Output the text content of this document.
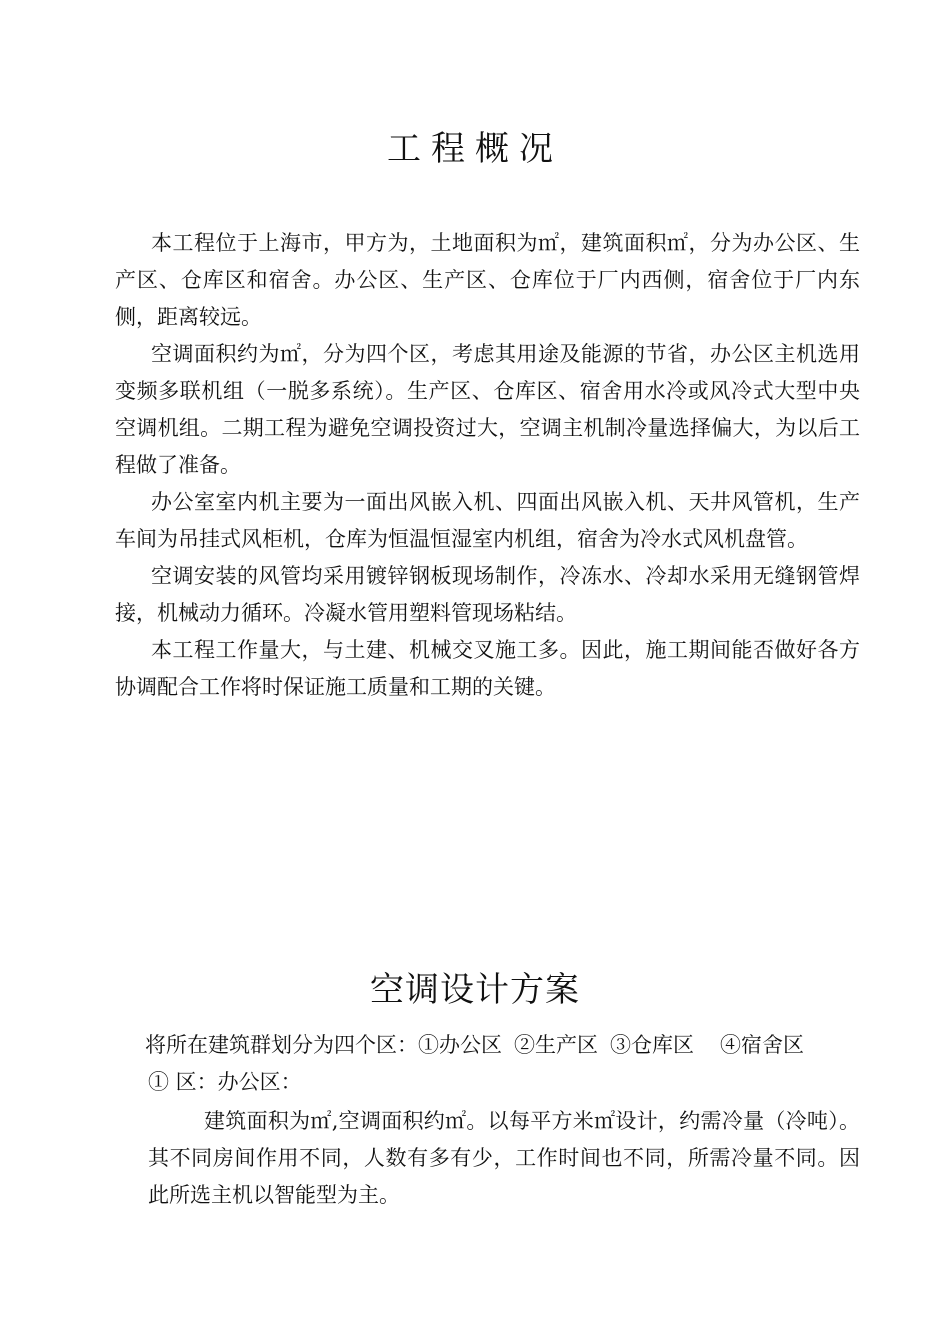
工程概况

本工程位于上海市，甲方为，土地面积为㎡，建筑面积㎡，分为办公区、生产区、仓库区和宿舍。办公区、生产区、仓库位于厂内西侧，宿舍位于厂内东侧，距离较远。

空调面积约为㎡，分为四个区，考虑其用途及能源的节省，办公区主机选用变频多联机组（一脱多系统）。生产区、仓库区、宿舍用水冷或风冷式大型中央空调机组。二期工程为避免空调投资过大，空调主机制冷量选择偏大，为以后工程做了准备。

办公室室内机主要为一面出风嵌入机、四面出风嵌入机、天井风管机，生产车间为吊挂式风柜机，仓库为恒温恒湿室内机组，宿舍为冷水式风机盘管。

空调安装的风管均采用镀锌钢板现场制作，冷冻水、冷却水采用无缝钢管焊接，机械动力循环。冷凝水管用塑料管现场粘结。

本工程工作量大，与土建、机械交叉施工多。因此，施工期间能否做好各方协调配合工作将时保证施工质量和工期的关键。

空调设计方案

将所在建筑群划分为四个区：①办公区 ②生产区 ③仓库区 ④宿舍区

① 区：办公区：

建筑面积为㎡,空调面积约㎡。以每平方米㎡设计，约需冷量（冷吨）。其不同房间作用不同，人数有多有少，工作时间也不同，所需冷量不同。因此所选主机以智能型为主。
